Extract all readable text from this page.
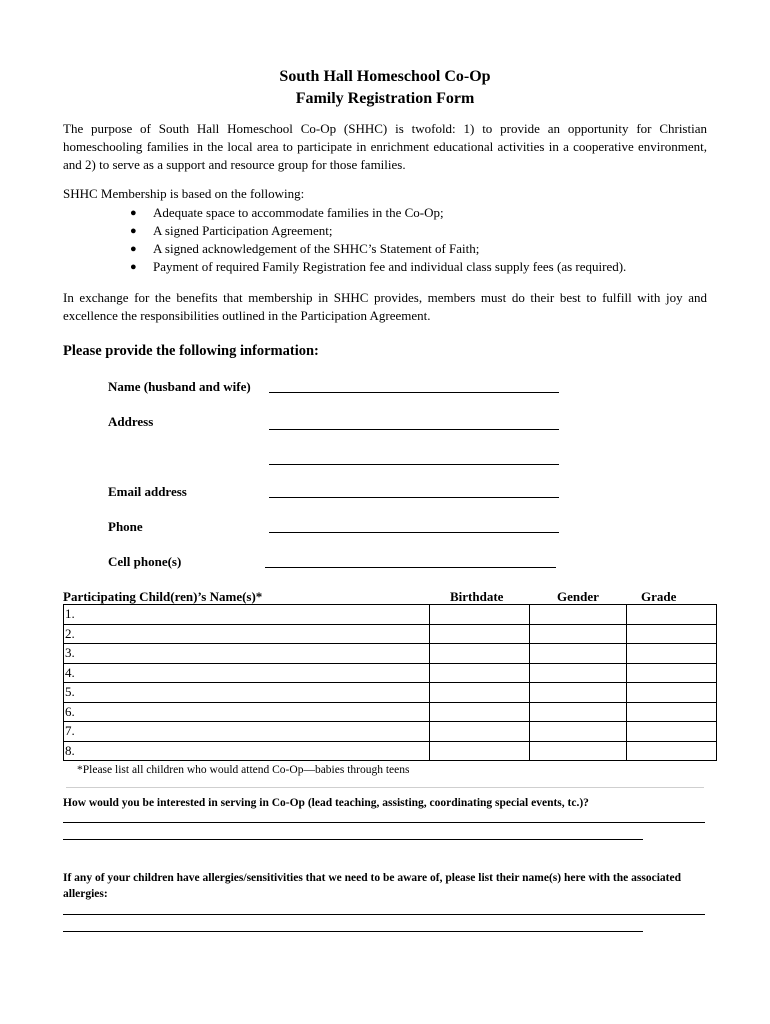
South Hall Homeschool Co-Op
Family Registration Form
The purpose of South Hall Homeschool Co-Op (SHHC) is twofold: 1) to provide an opportunity for Christian homeschooling families in the local area to participate in enrichment educational activities in a cooperative environment, and 2) to serve as a support and resource group for those families.
SHHC Membership is based on the following:
● Adequate space to accommodate families in the Co-Op;
● A signed Participation Agreement;
● A signed acknowledgement of the SHHC’s Statement of Faith;
● Payment of required Family Registration fee and individual class supply fees (as required).
In exchange for the benefits that membership in SHHC provides, members must do their best to fulfill with joy and excellence the responsibilities outlined in the Participation Agreement.
Please provide the following information:
Name (husband and wife)
Address
Email address
Phone
Cell phone(s)
Participating Child(ren)’s Name(s)*	Birthdate	Gender	Grade
1.			
2.			
3.			
4.			
5.			
6.			
7.			
8.			
*Please list all children who would attend Co-Op—babies through teens
How would you be interested in serving in Co-Op (lead teaching, assisting, coordinating special events, tc.)?
If any of your children have allergies/sensitivities that we need to be aware of, please list their name(s) here with the associated allergies:
